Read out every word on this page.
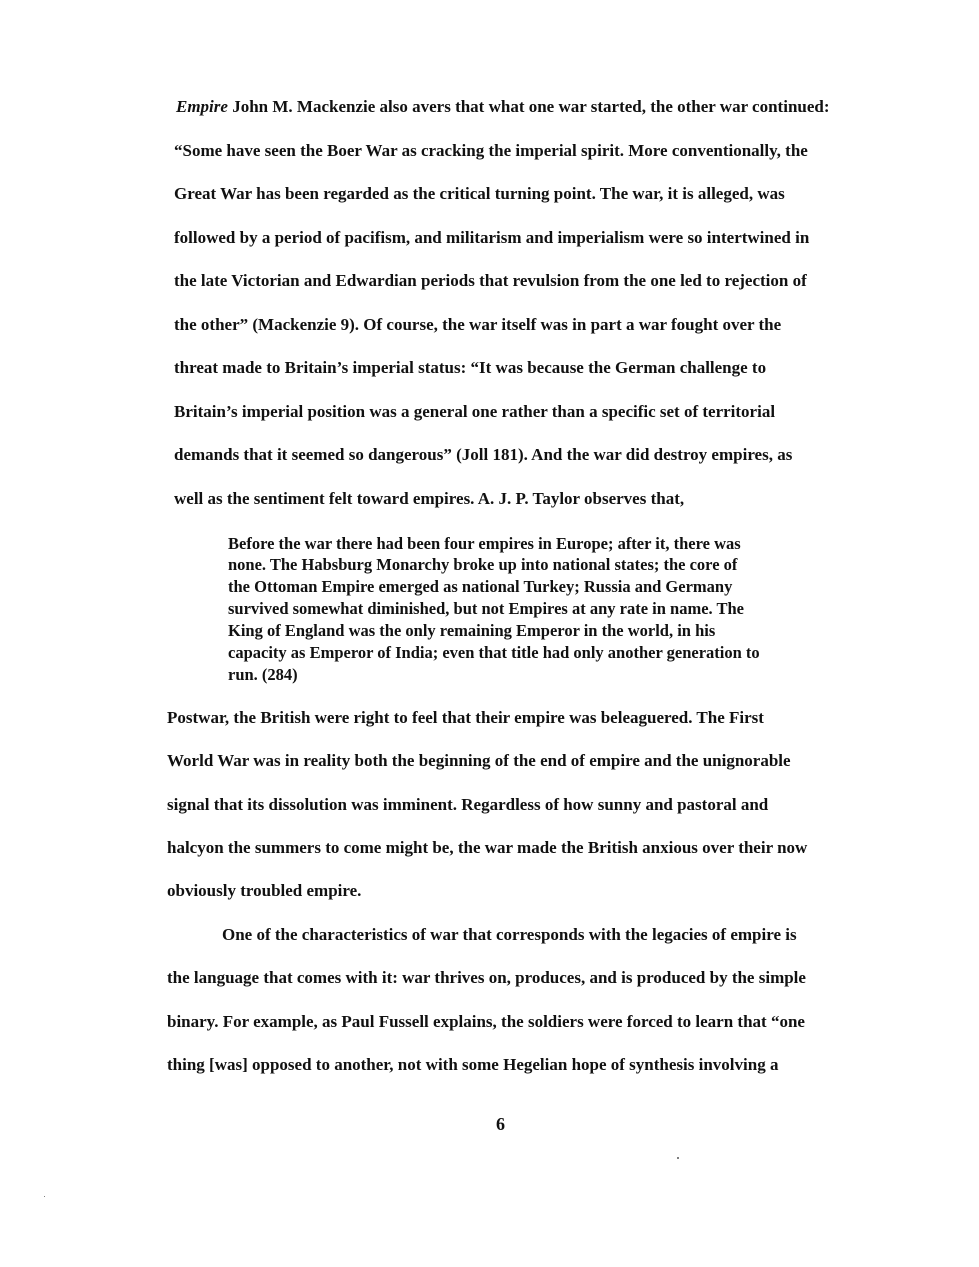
Empire John M. Mackenzie also avers that what one war started, the other war continued:
“Some have seen the Boer War as cracking the imperial spirit. More conventionally, the
Great War has been regarded as the critical turning point. The war, it is alleged, was
followed by a period of pacifism, and militarism and imperialism were so intertwined in
the late Victorian and Edwardian periods that revulsion from the one led to rejection of
the other” (Mackenzie 9). Of course, the war itself was in part a war fought over the
threat made to Britain’s imperial status: “It was because the German challenge to
Britain’s imperial position was a general one rather than a specific set of territorial
demands that it seemed so dangerous” (Joll 181). And the war did destroy empires, as
well as the sentiment felt toward empires. A. J. P. Taylor observes that,
Before the war there had been four empires in Europe; after it, there was
none. The Habsburg Monarchy broke up into national states; the core of
the Ottoman Empire emerged as national Turkey; Russia and Germany
survived somewhat diminished, but not Empires at any rate in name. The
King of England was the only remaining Emperor in the world, in his
capacity as Emperor of India; even that title had only another generation to
run. (284)
Postwar, the British were right to feel that their empire was beleaguered. The First
World War was in reality both the beginning of the end of empire and the unignorable
signal that its dissolution was imminent. Regardless of how sunny and pastoral and
halcyon the summers to come might be, the war made the British anxious over their now
obviously troubled empire.
One of the characteristics of war that corresponds with the legacies of empire is
the language that comes with it: war thrives on, produces, and is produced by the simple
binary. For example, as Paul Fussell explains, the soldiers were forced to learn that “one
thing [was] opposed to another, not with some Hegelian hope of synthesis involving a
6
